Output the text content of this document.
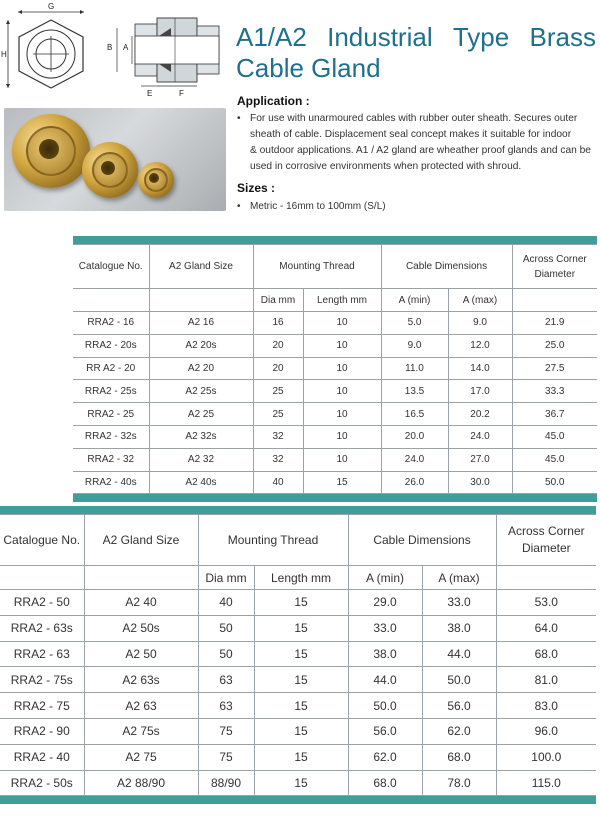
G
H
B A
E	F
A1/A2 Industrial Type Brass
Cable Gland
Application :
• For use with unarmoured cables with rubber outer sheath. Secures outer
sheath of cable. Displacement seal concept makes it suitable for indoor
& outdoor applications. A1 / A2 gland are wheather proof glands and can be
used in corrosive environments when protected with shroud.
Sizes :
• Metric - 16mm to 100mm (S/L)
Catalogue No.	A2 Gland Size	Mounting Thread		Cable Dimensions		Across Corner Diameter
		Dia mm	Length mm	A (min)	A (max)	
RRA2 - 16	A2 16	16	10	5.0	9.0	21.9
RRA2 - 20s	A2 20s	20	10	9.0	12.0	25.0
RR A2 - 20	A2 20	20	10	11.0	14.0	27.5
RRA2 - 25s	A2 25s	25	10	13.5	17.0	33.3
RRA2 - 25	A2 25	25	10	16.5	20.2	36.7
RRA2 - 32s	A2 32s	32	10	20.0	24.0	45.0
RRA2 - 32	A2 32	32	10	24.0	27.0	45.0
RRA2 - 40s	A2 40s	40	15	26.0	30.0	50.0
Catalogue No.	A2 Gland Size	Mounting Thread		Cable Dimensions		Across Corner Diameter
		Dia mm	Length mm	A (min)	A (max)	
RRA2 - 50	A2 40	40	15	29.0	33.0	53.0
RRA2 - 63s	A2 50s	50	15	33.0	38.0	64.0
RRA2 - 63	A2 50	50	15	38.0	44.0	68.0
RRA2 - 75s	A2 63s	63	15	44.0	50.0	81.0
RRA2 - 75	A2 63	63	15	50.0	56.0	83.0
RRA2 - 90	A2 75s	75	15	56.0	62.0	96.0
RRA2 - 40	A2 75	75	15	62.0	68.0	100.0
RRA2 - 50s	A2 88/90	88/90	15	68.0	78.0	115.0
